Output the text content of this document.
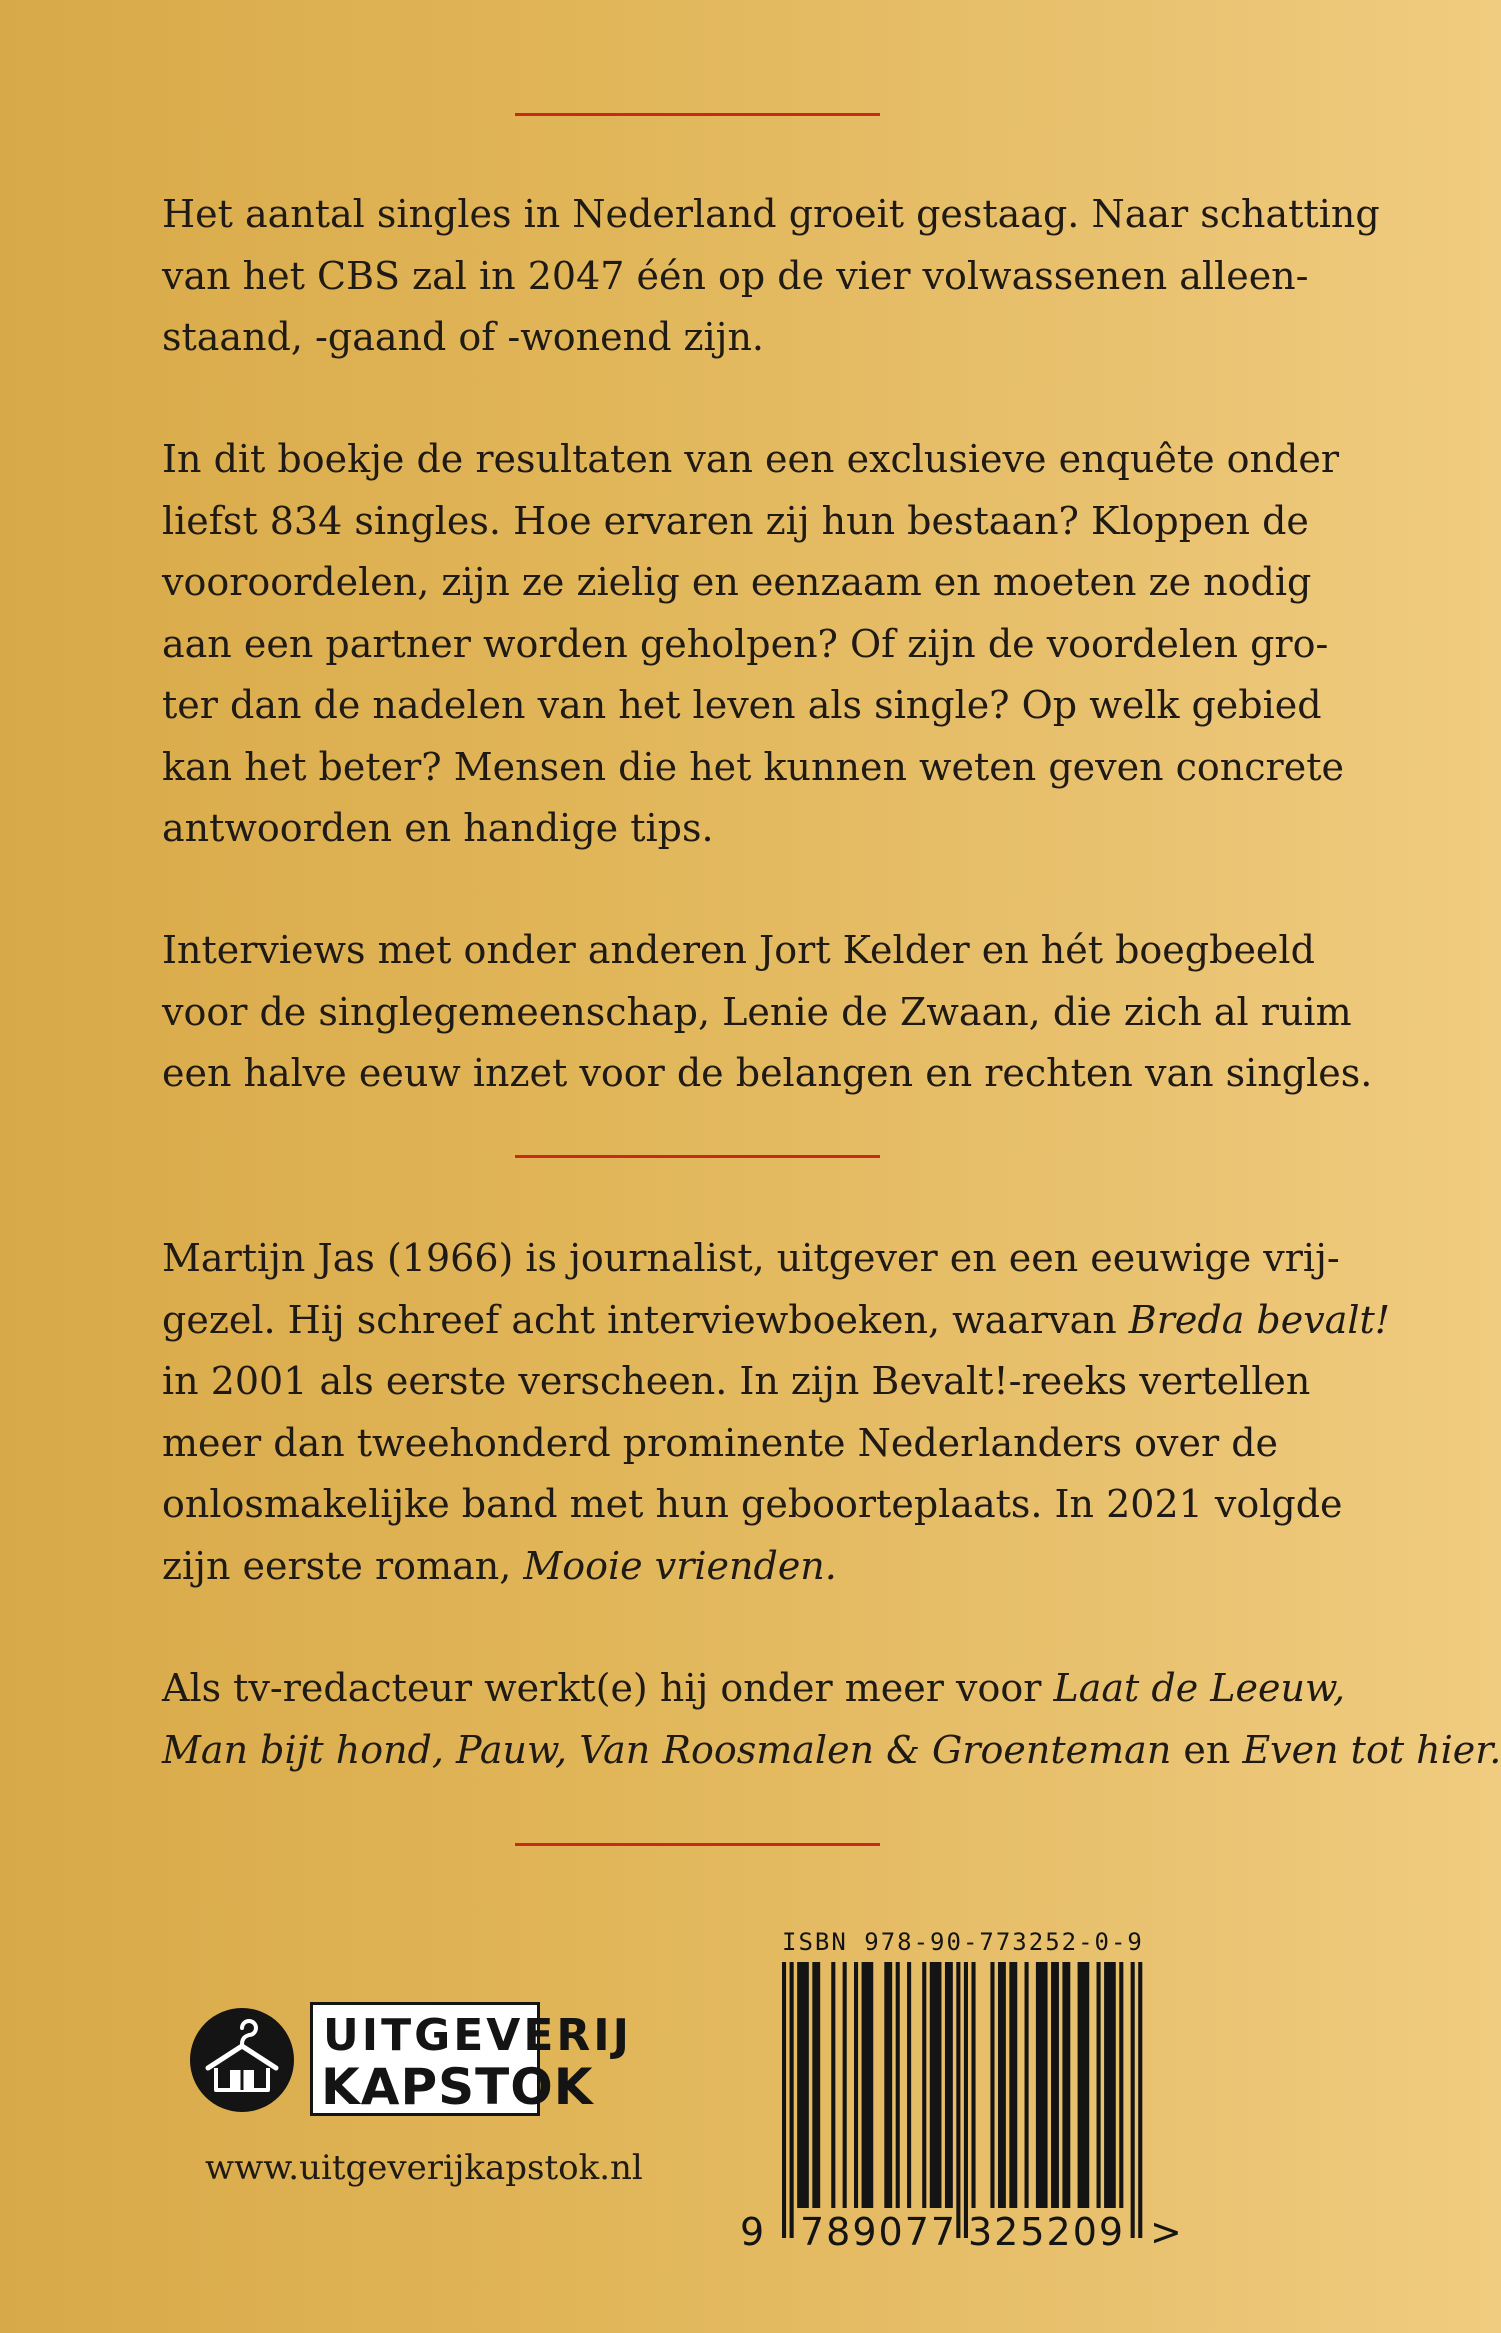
Het aantal singles in Nederland groeit gestaag. Naar schatting
van het CBS zal in 2047 één op de vier volwassenen alleen-
staand, -gaand of -wonend zijn.

In dit boekje de resultaten van een exclusieve enquête onder
liefst 834 singles. Hoe ervaren zij hun bestaan? Kloppen de
vooroordelen, zijn ze zielig en eenzaam en moeten ze nodig
aan een partner worden geholpen? Of zijn de voordelen gro-
ter dan de nadelen van het leven als single? Op welk gebied
kan het beter? Mensen die het kunnen weten geven concrete
antwoorden en handige tips.

Interviews met onder anderen Jort Kelder en hét boegbeeld
voor de singlegemeenschap, Lenie de Zwaan, die zich al ruim
een halve eeuw inzet voor de belangen en rechten van singles.

Martijn Jas (1966) is journalist, uitgever en een eeuwige vrij-
gezel. Hij schreef acht interviewboeken, waarvan Breda bevalt!
in 2001 als eerste verscheen. In zijn Bevalt!-reeks vertellen
meer dan tweehonderd prominente Nederlanders over de
onlosmakelijke band met hun geboorteplaats. In 2021 volgde
zijn eerste roman, Mooie vrienden.

Als tv-redacteur werkt(e) hij onder meer voor Laat de Leeuw,
Man bijt hond, Pauw, Van Roosmalen & Groenteman en Even tot hier.

UITGEVERIJ
KAPSTOK
www.uitgeverijkapstok.nl
ISBN 978-90-773252-0-9
9 789077 325209 >
